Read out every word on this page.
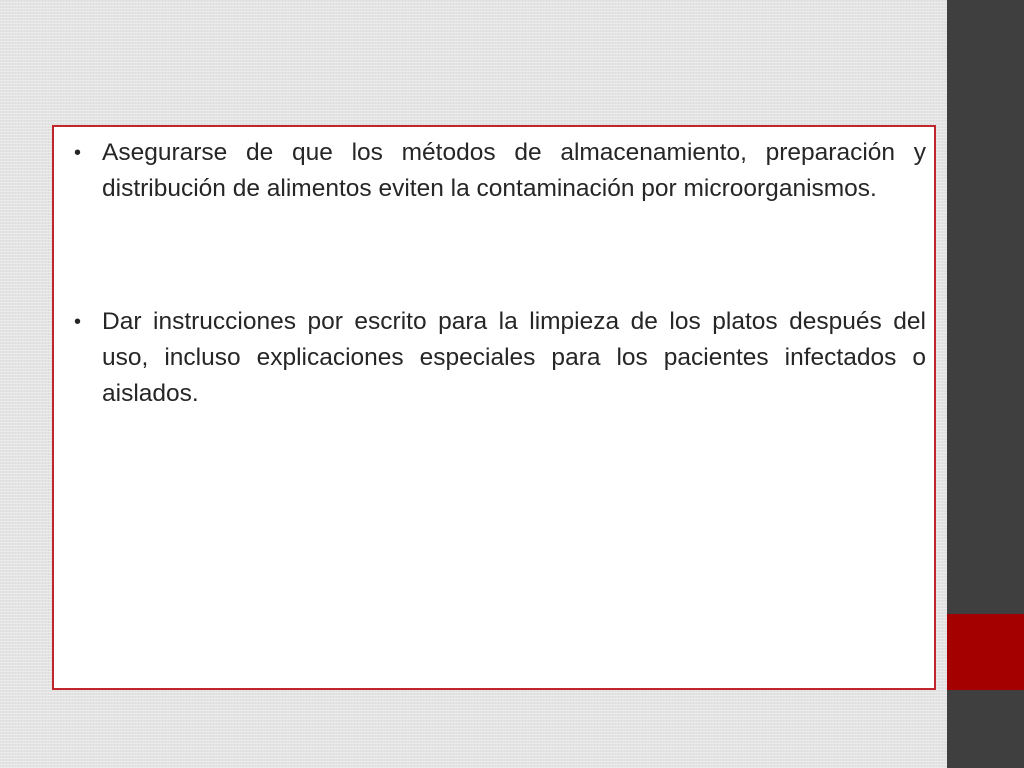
• Asegurarse de que los métodos de almacenamiento, preparación y distribución de alimentos eviten la contaminación por microorganismos.
• Dar instrucciones por escrito para la limpieza de los platos después del uso, incluso explicaciones especiales para los pacientes infectados o aislados.
